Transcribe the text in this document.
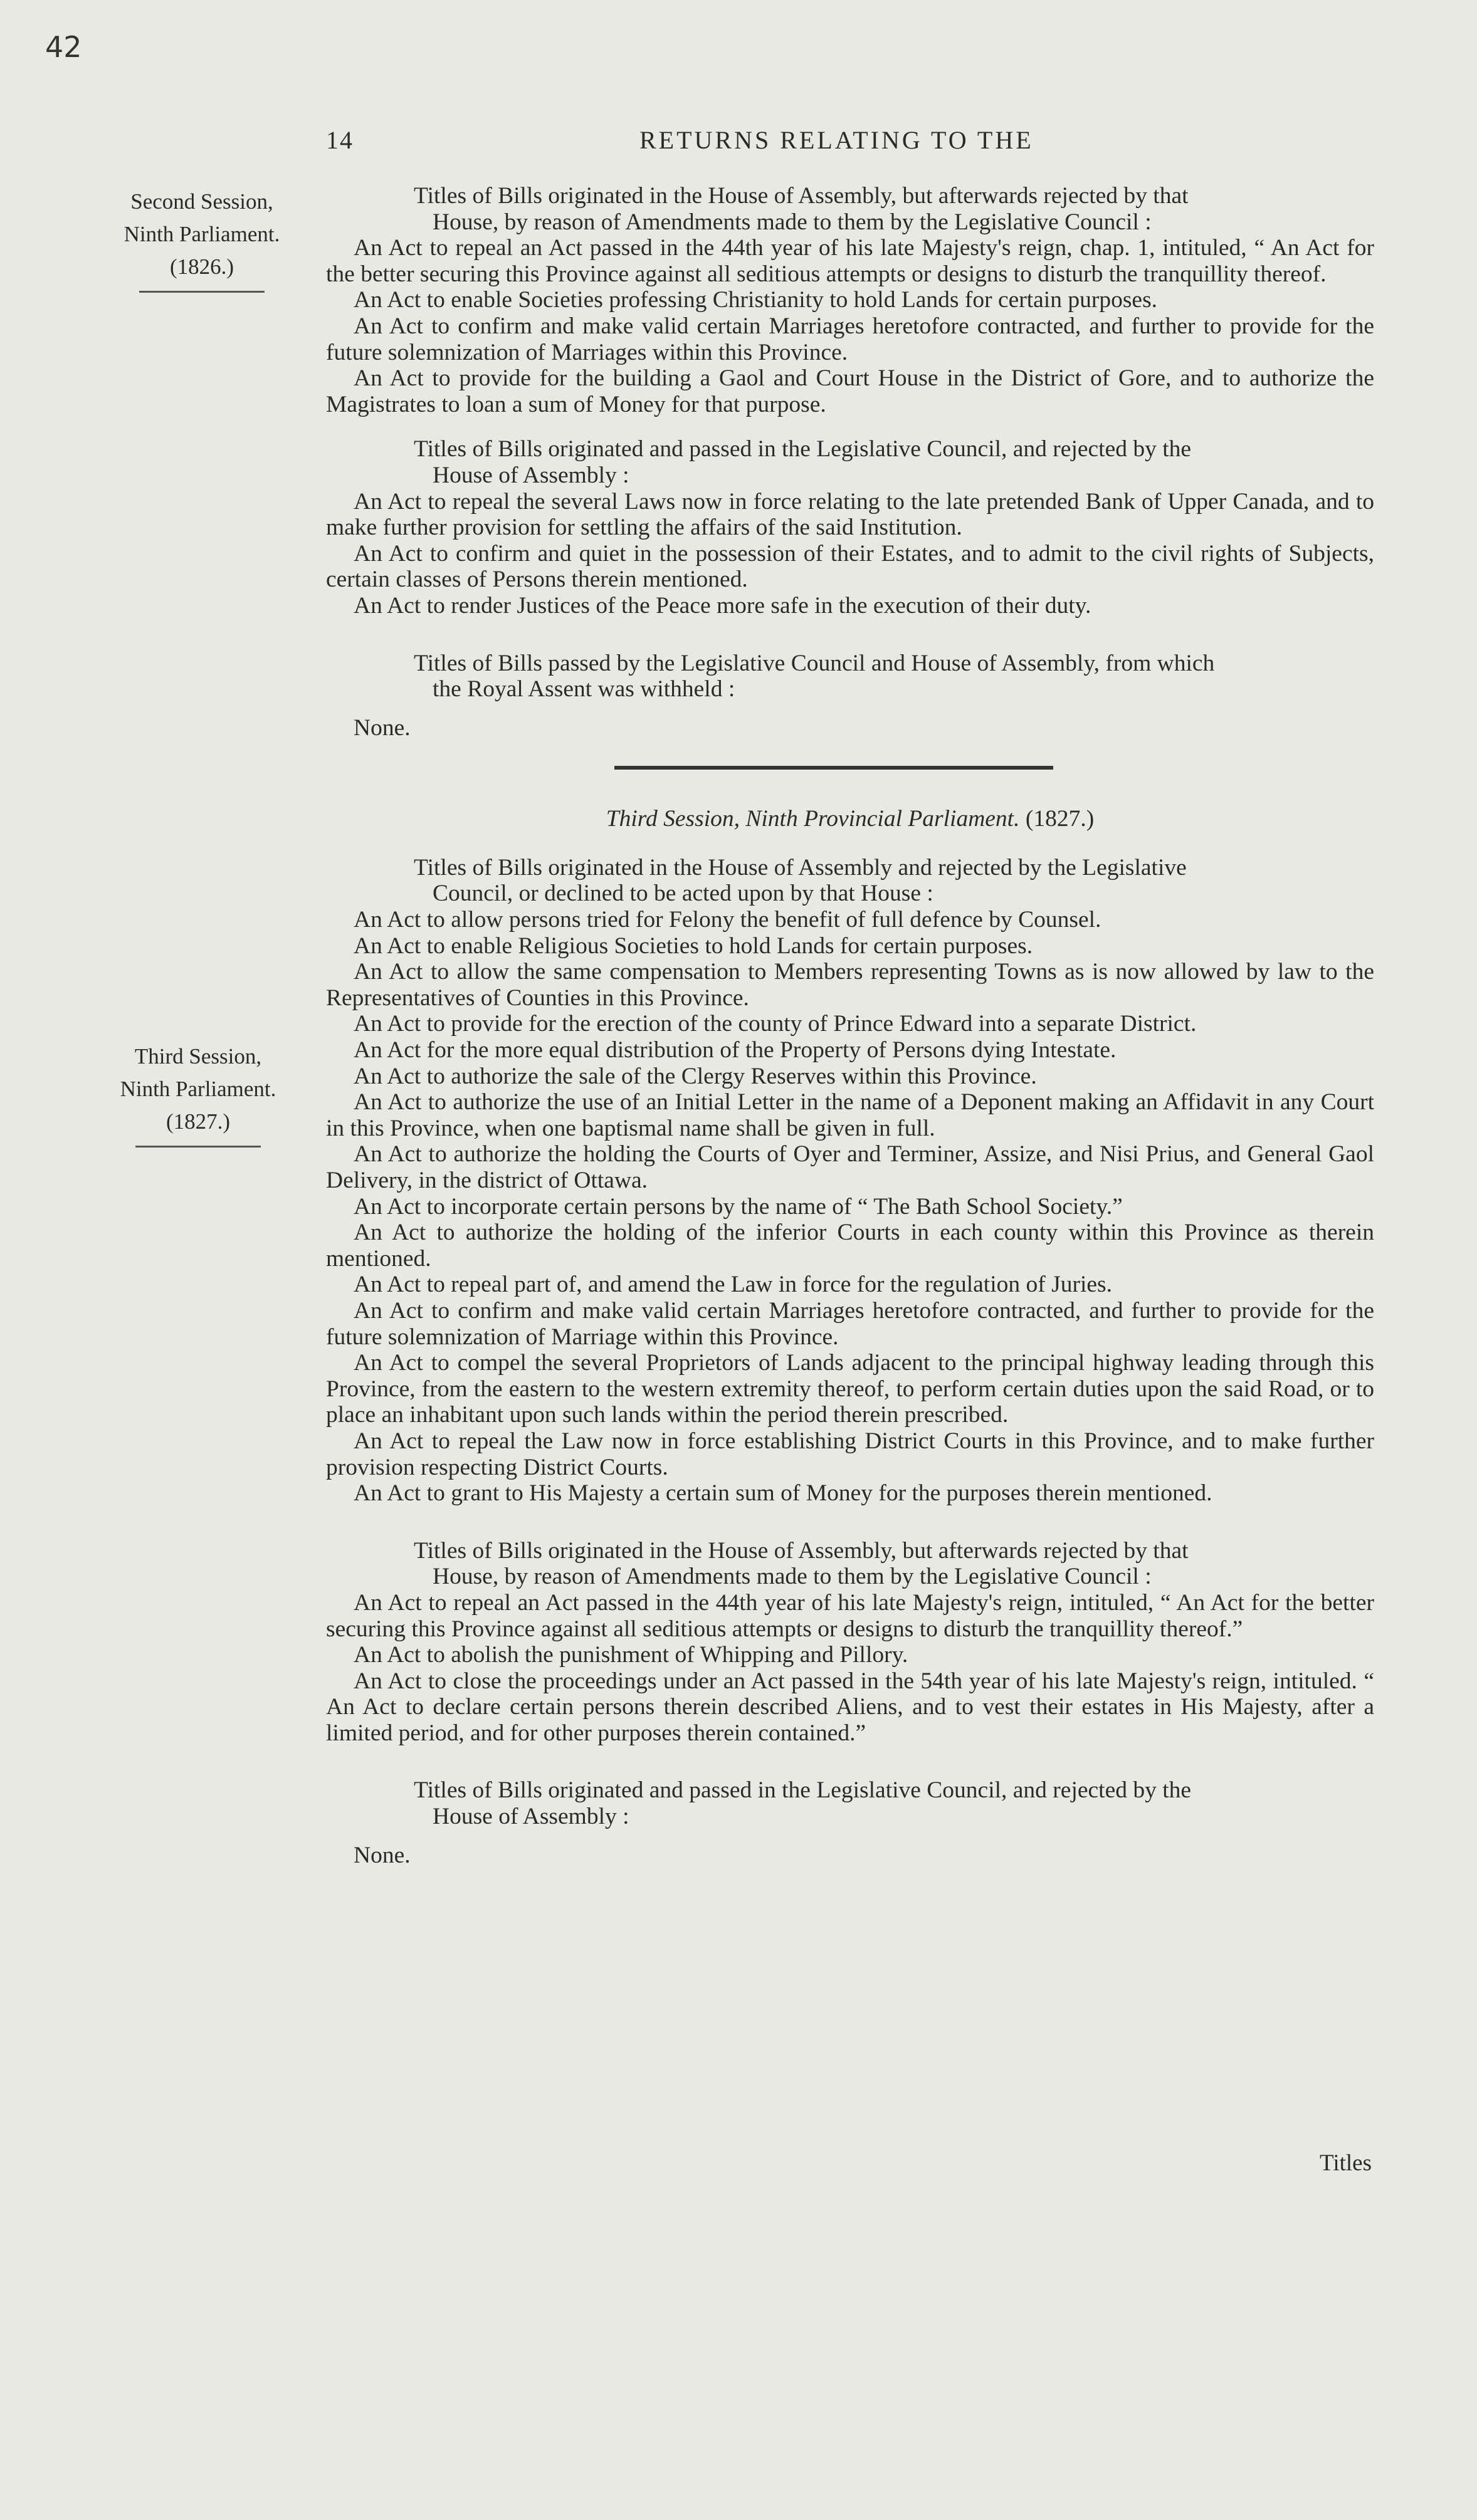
42
14	RETURNS RELATING TO THE
Second Session,
Ninth Parliament.
(1826.)
Third Session,
Ninth Parliament.
(1827.)

Titles of Bills originated in the House of Assembly, but afterwards rejected by that
House, by reason of Amendments made to them by the Legislative Council :

An Act to repeal an Act passed in the 44th year of his late Majesty's reign, chap. 1, intituled, “ An Act for the better securing this Province against all seditious attempts or designs to disturb the tranquillity thereof.

An Act to enable Societies professing Christianity to hold Lands for certain purposes.

An Act to confirm and make valid certain Marriages heretofore contracted, and further to provide for the future solemnization of Marriages within this Province.

An Act to provide for the building a Gaol and Court House in the District of Gore, and to authorize the Magistrates to loan a sum of Money for that purpose.

Titles of Bills originated and passed in the Legislative Council, and rejected by the
House of Assembly :

An Act to repeal the several Laws now in force relating to the late pretended Bank of Upper Canada, and to make further provision for settling the affairs of the said Institution.

An Act to confirm and quiet in the possession of their Estates, and to admit to the civil rights of Subjects, certain classes of Persons therein mentioned.

An Act to render Justices of the Peace more safe in the execution of their duty.

Titles of Bills passed by the Legislative Council and House of Assembly, from which
the Royal Assent was withheld :

None.

Third Session, Ninth Provincial Parliament. (1827.)

Titles of Bills originated in the House of Assembly and rejected by the Legislative
Council, or declined to be acted upon by that House :

An Act to allow persons tried for Felony the benefit of full defence by Counsel.

An Act to enable Religious Societies to hold Lands for certain purposes.

An Act to allow the same compensation to Members representing Towns as is now allowed by law to the Representatives of Counties in this Province.

An Act to provide for the erection of the county of Prince Edward into a separate District.

An Act for the more equal distribution of the Property of Persons dying Intestate.

An Act to authorize the sale of the Clergy Reserves within this Province.

An Act to authorize the use of an Initial Letter in the name of a Deponent making an Affidavit in any Court in this Province, when one baptismal name shall be given in full.

An Act to authorize the holding the Courts of Oyer and Terminer, Assize, and Nisi Prius, and General Gaol Delivery, in the district of Ottawa.

An Act to incorporate certain persons by the name of “ The Bath School Society.”

An Act to authorize the holding of the inferior Courts in each county within this Province as therein mentioned.

An Act to repeal part of, and amend the Law in force for the regulation of Juries.

An Act to confirm and make valid certain Marriages heretofore contracted, and further to provide for the future solemnization of Marriage within this Province.

An Act to compel the several Proprietors of Lands adjacent to the principal highway leading through this Province, from the eastern to the western extremity thereof, to perform certain duties upon the said Road, or to place an inhabitant upon such lands within the period therein prescribed.

An Act to repeal the Law now in force establishing District Courts in this Province, and to make further provision respecting District Courts.

An Act to grant to His Majesty a certain sum of Money for the purposes therein mentioned.

Titles of Bills originated in the House of Assembly, but afterwards rejected by that
House, by reason of Amendments made to them by the Legislative Council :

An Act to repeal an Act passed in the 44th year of his late Majesty's reign, intituled, “ An Act for the better securing this Province against all seditious attempts or designs to disturb the tranquillity thereof.”

An Act to abolish the punishment of Whipping and Pillory.

An Act to close the proceedings under an Act passed in the 54th year of his late Majesty's reign, intituled. “ An Act to declare certain persons therein described Aliens, and to vest their estates in His Majesty, after a limited period, and for other purposes therein contained.”

Titles of Bills originated and passed in the Legislative Council, and rejected by the
House of Assembly :

None.

Titles
